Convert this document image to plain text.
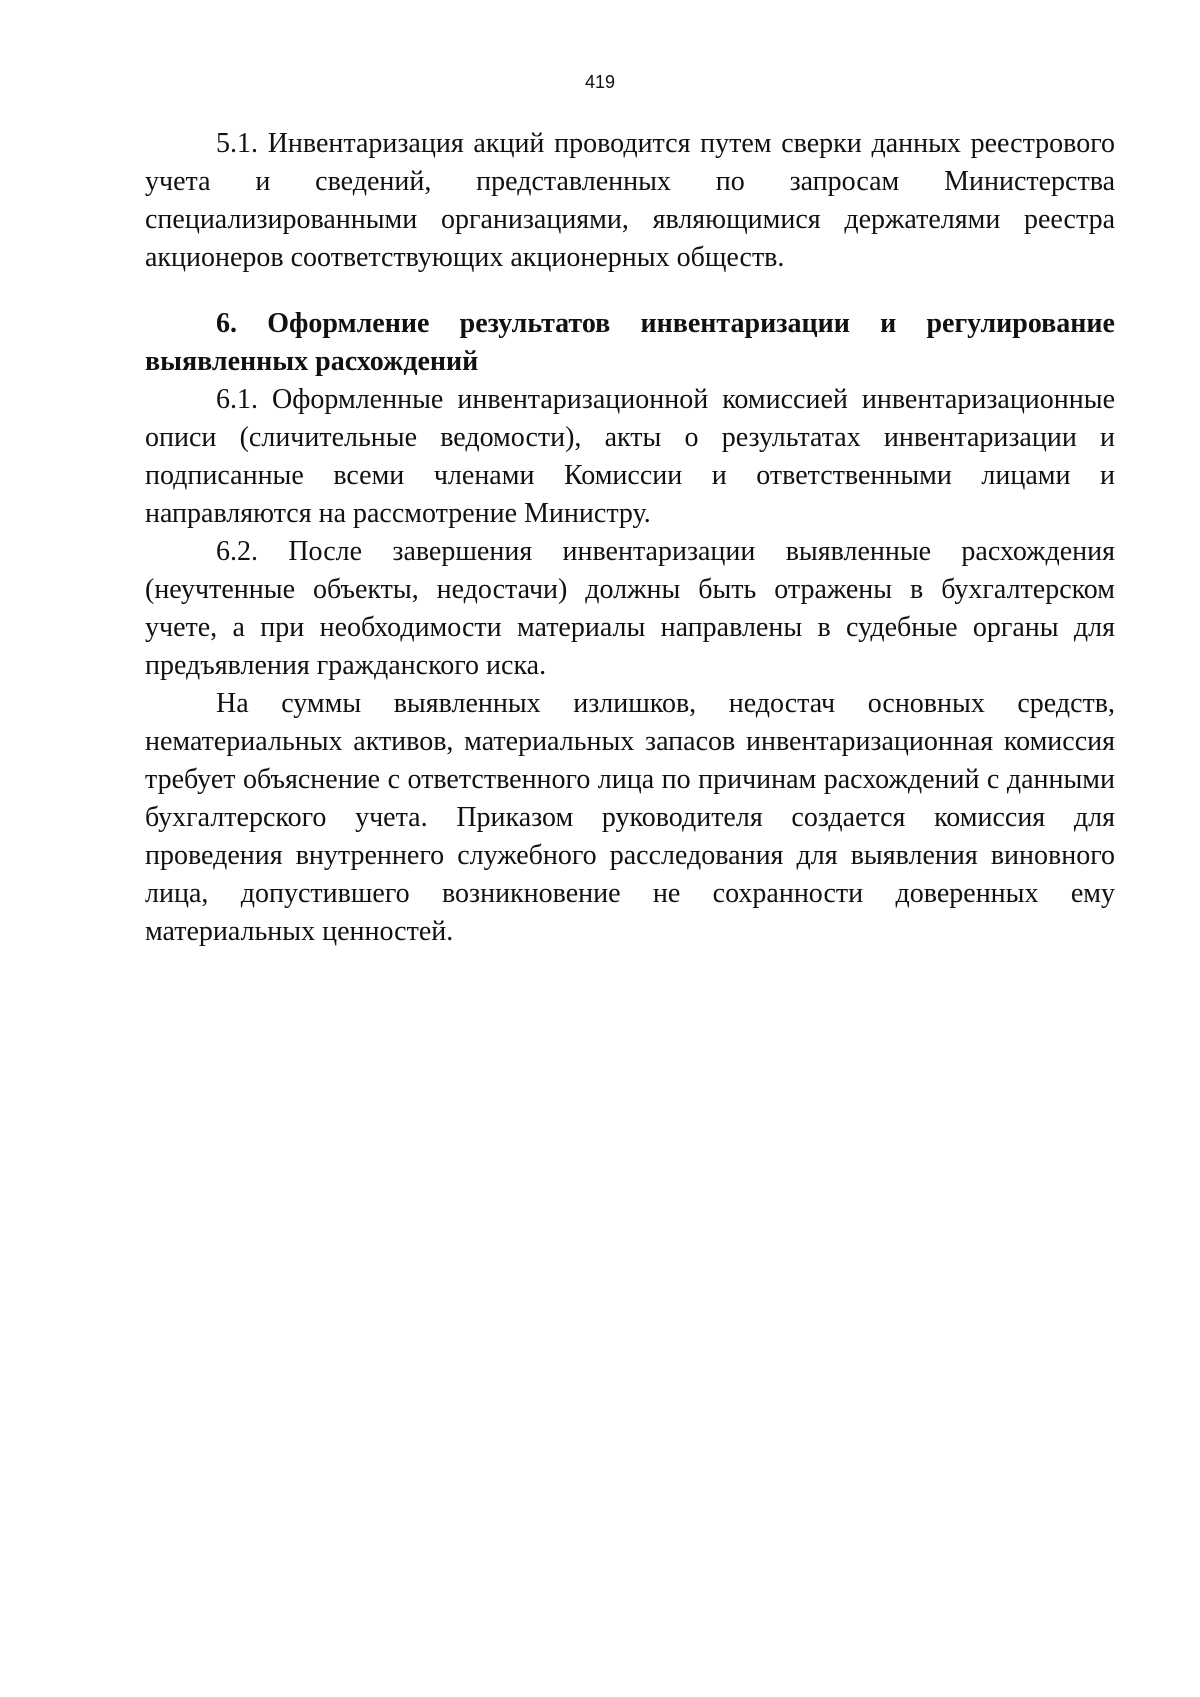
419

5.1. Инвентаризация акций проводится путем сверки данных реестрового учета и сведений, представленных по запросам Министерства специализированными организациями, являющимися держателями реестра акционеров соответствующих акционерных обществ.

6. Оформление результатов инвентаризации и регулирование выявленных расхождений

6.1. Оформленные инвентаризационной комиссией инвентаризационные описи (сличительные ведомости), акты о результатах инвентаризации и подписанные всеми членами Комиссии и ответственными лицами и направляются на рассмотрение Министру.

6.2. После завершения инвентаризации выявленные расхождения (неучтенные объекты, недостачи) должны быть отражены в бухгалтерском учете, а при необходимости материалы направлены в судебные органы для предъявления гражданского иска.

На суммы выявленных излишков, недостач основных средств, нематериальных активов, материальных запасов инвентаризационная комиссия требует объяснение с ответственного лица по причинам расхождений с данными бухгалтерского учета. Приказом руководителя создается комиссия для проведения внутреннего служебного расследования для выявления виновного лица, допустившего возникновение не сохранности доверенных ему материальных ценностей.
